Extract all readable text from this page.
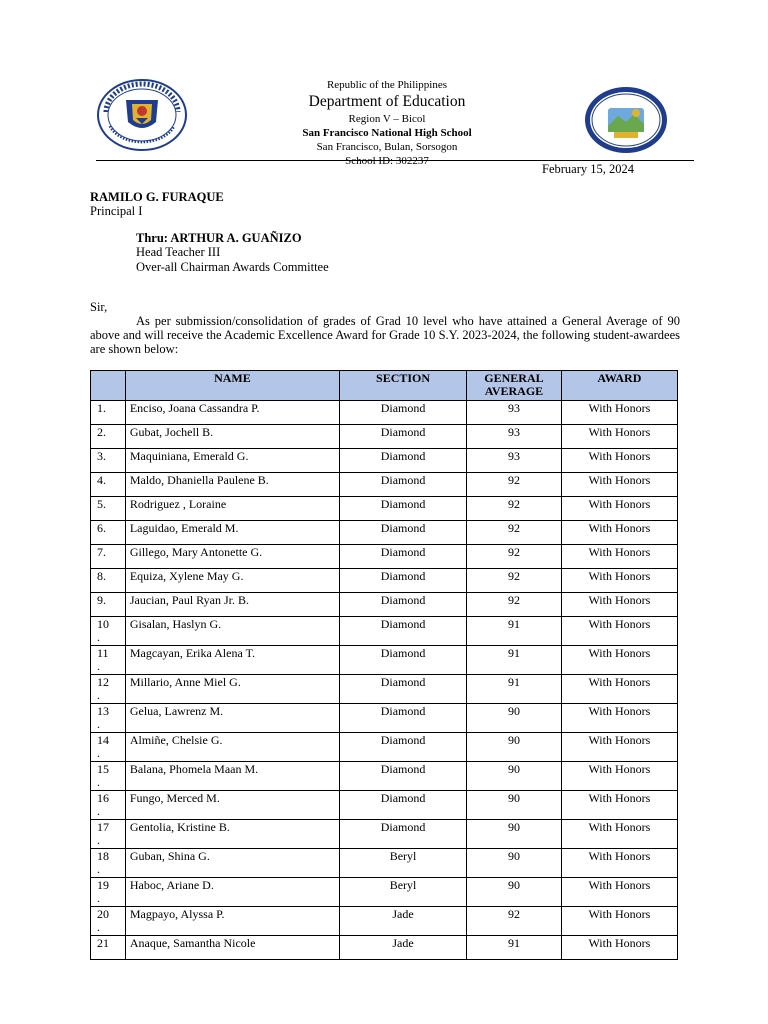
Republic of the Philippines
Department of Education
Region V – Bicol
San Francisco National High School
San Francisco, Bulan, Sorsogon
School ID: 302237
February 15, 2024
RAMILO G. FURAQUE
Principal I
Thru: ARTHUR A. GUAÑIZO
Head Teacher III
Over-all Chairman Awards Committee
Sir,
As per submission/consolidation of grades of Grad 10 level who have attained a General Average of 90 above and will receive the Academic Excellence Award for Grade 10 S.Y. 2023-2024, the following student-awardees are shown below:
	NAME	SECTION	GENERAL AVERAGE	AWARD
1.	Enciso, Joana Cassandra P.	Diamond	93	With Honors
2.	Gubat, Jochell B.	Diamond	93	With Honors
3.	Maquiniana, Emerald G.	Diamond	93	With Honors
4.	Maldo, Dhaniella Paulene B.	Diamond	92	With Honors
5.	Rodriguez , Loraine	Diamond	92	With Honors
6.	Laguidao, Emerald M.	Diamond	92	With Honors
7.	Gillego, Mary Antonette G.	Diamond	92	With Honors
8.	Equiza, Xylene May G.	Diamond	92	With Honors
9.	Jaucian, Paul Ryan Jr. B.	Diamond	92	With Honors
10
.	Gisalan, Haslyn G.	Diamond	91	With Honors
11
.	Magcayan, Erika Alena T.	Diamond	91	With Honors
12
.	Millario, Anne Miel G.	Diamond	91	With Honors
13
.	Gelua, Lawrenz M.	Diamond	90	With Honors
14
.	Almiñe, Chelsie G.	Diamond	90	With Honors
15
.	Balana, Phomela Maan M.	Diamond	90	With Honors
16
.	Fungo, Merced M.	Diamond	90	With Honors
17
.	Gentolia, Kristine B.	Diamond	90	With Honors
18
.	Guban, Shina G.	Beryl	90	With Honors
19
.	Haboc, Ariane D.	Beryl	90	With Honors
20
.	Magpayo, Alyssa P.	Jade	92	With Honors
21	Anaque, Samantha Nicole	Jade	91	With Honors
